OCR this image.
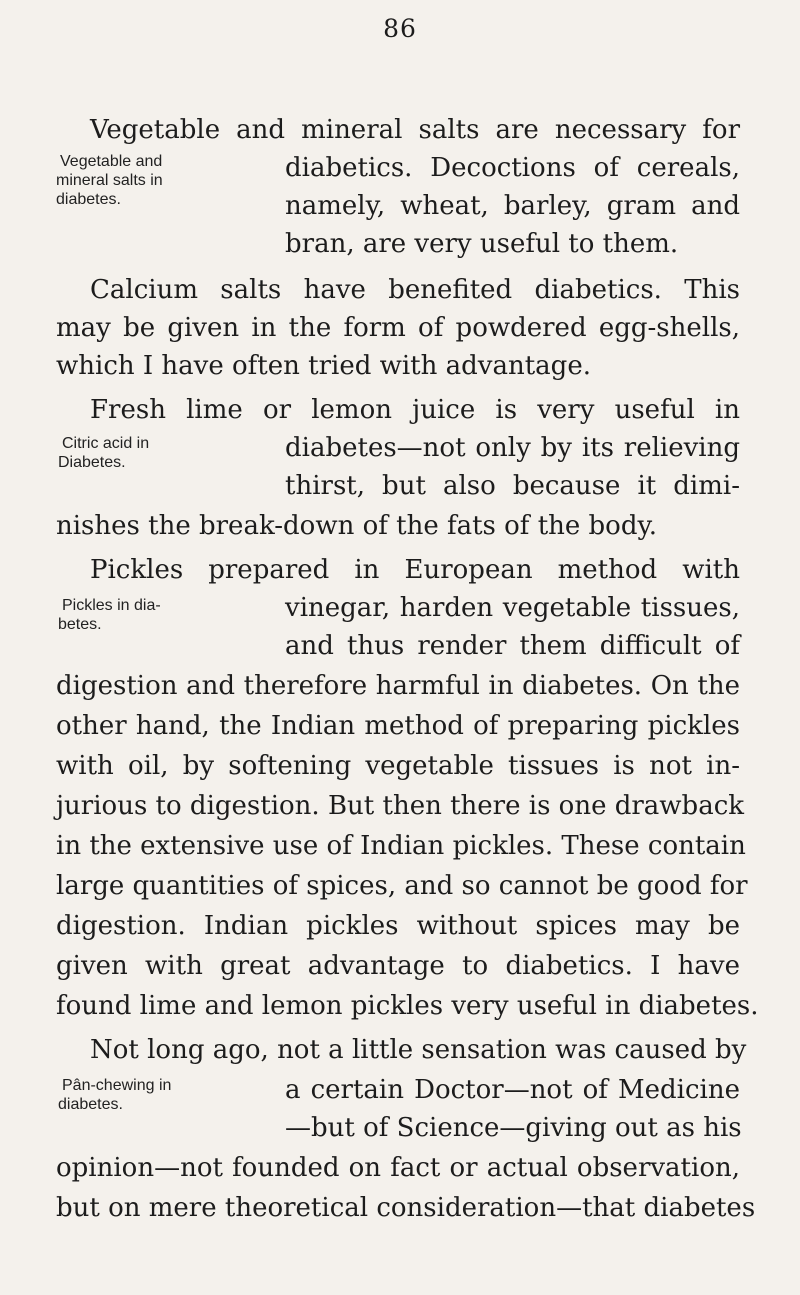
86
Vegetable and mineral salts are necessary for
diabetics. Decoctions of cereals,
namely, wheat, barley, gram and
bran, are very useful to them.
Vegetable and
mineral salts in
diabetes.
Calcium salts have benefited diabetics. This
may be given in the form of powdered egg-shells,
which I have often tried with advantage.
Fresh lime or lemon juice is very useful in
diabetes—not only by its relieving
thirst, but also because it dimi-
nishes the break-down of the fats of the body.
Citric acid in
Diabetes.
Pickles prepared in European method with
vinegar, harden vegetable tissues,
and thus render them difficult of
digestion and therefore harmful in diabetes. On the
other hand, the Indian method of preparing pickles
with oil, by softening vegetable tissues is not in-
jurious to digestion. But then there is one drawback
in the extensive use of Indian pickles. These contain
large quantities of spices, and so cannot be good for
digestion. Indian pickles without spices may be
given with great advantage to diabetics. I have
found lime and lemon pickles very useful in diabetes.
Pickles in dia-
betes.
Not long ago, not a little sensation was caused by
a certain Doctor—not of Medicine
—but of Science—giving out as his
opinion—not founded on fact or actual observation,
but on mere theoretical consideration—that diabetes
Pân-chewing in
diabetes.
